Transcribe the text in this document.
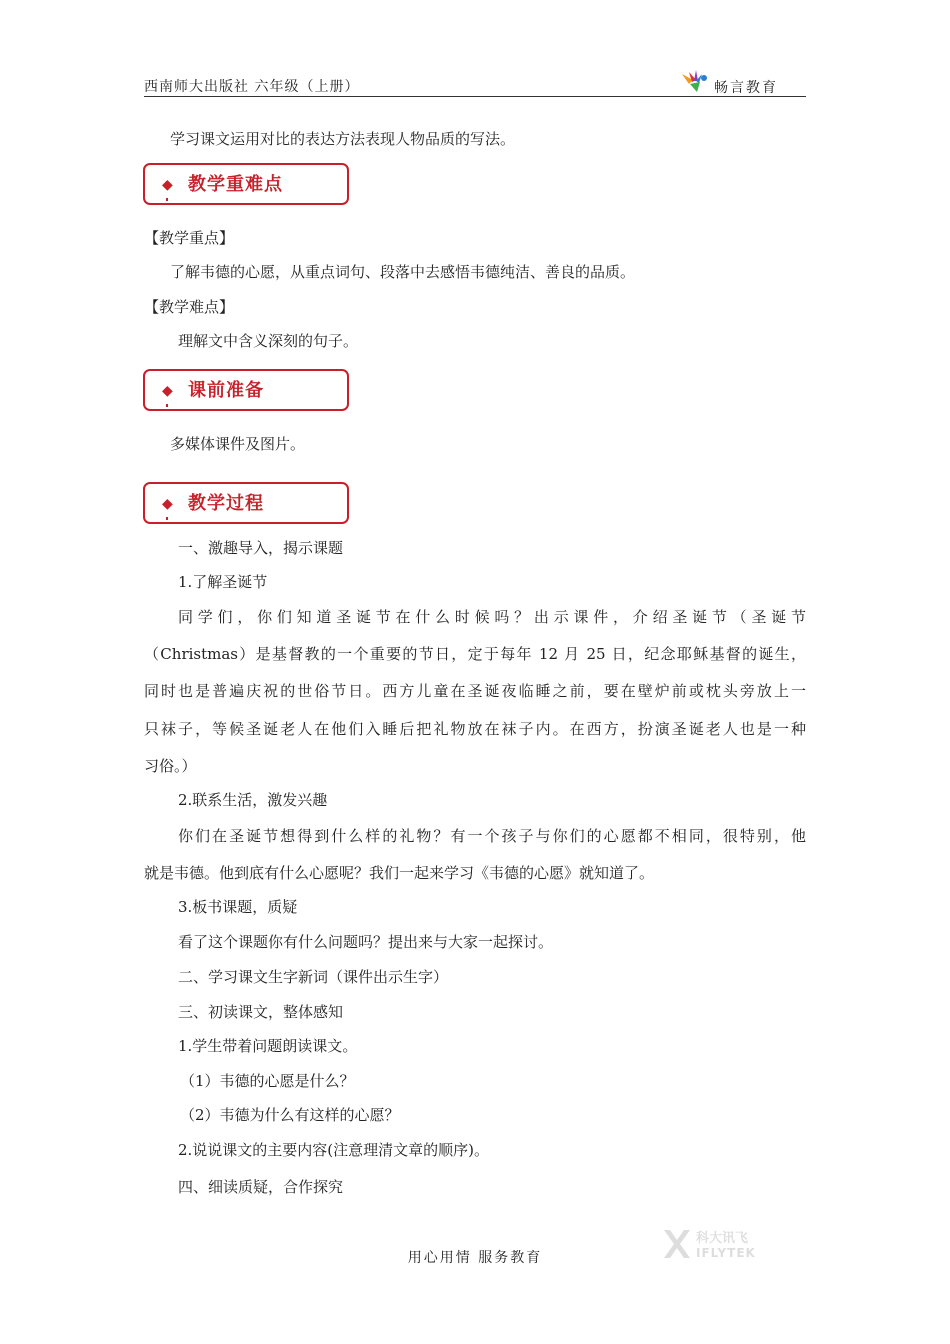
西南师大出版社 六年级（上册）	畅言教育
学习课文运用对比的表达方法表现人物品质的写法。
◆ 教学重难点
【教学重点】
了解韦德的心愿，从重点词句、段落中去感悟韦德纯洁、善良的品质。
【教学难点】
理解文中含义深刻的句子。
◆ 课前准备
多媒体课件及图片。
◆ 教学过程
一、激趣导入，揭示课题
1.了解圣诞节
同学们，你们知道圣诞节在什么时候吗？出示课件，介绍圣诞节（圣诞节
（Christmas）是基督教的一个重要的节日，定于每年 12 月 25 日，纪念耶稣基督的诞生，
同时也是普遍庆祝的世俗节日。西方儿童在圣诞夜临睡之前，要在壁炉前或枕头旁放上一
只袜子，等候圣诞老人在他们入睡后把礼物放在袜子内。在西方，扮演圣诞老人也是一种
习俗。）
2.联系生活，激发兴趣
你们在圣诞节想得到什么样的礼物？有一个孩子与你们的心愿都不相同，很特别，他
就是韦德。他到底有什么心愿呢？我们一起来学习《韦德的心愿》就知道了。
3.板书课题，质疑
看了这个课题你有什么问题吗？提出来与大家一起探讨。
二、学习课文生字新词（课件出示生字）
三、初读课文，整体感知
1.学生带着问题朗读课文。
（1）韦德的心愿是什么？
（2）韦德为什么有这样的心愿？
2.说说课文的主要内容(注意理清文章的顺序)。
四、细读质疑，合作探究
用心用情 服务教育
科大讯飞
IFLYTEK
